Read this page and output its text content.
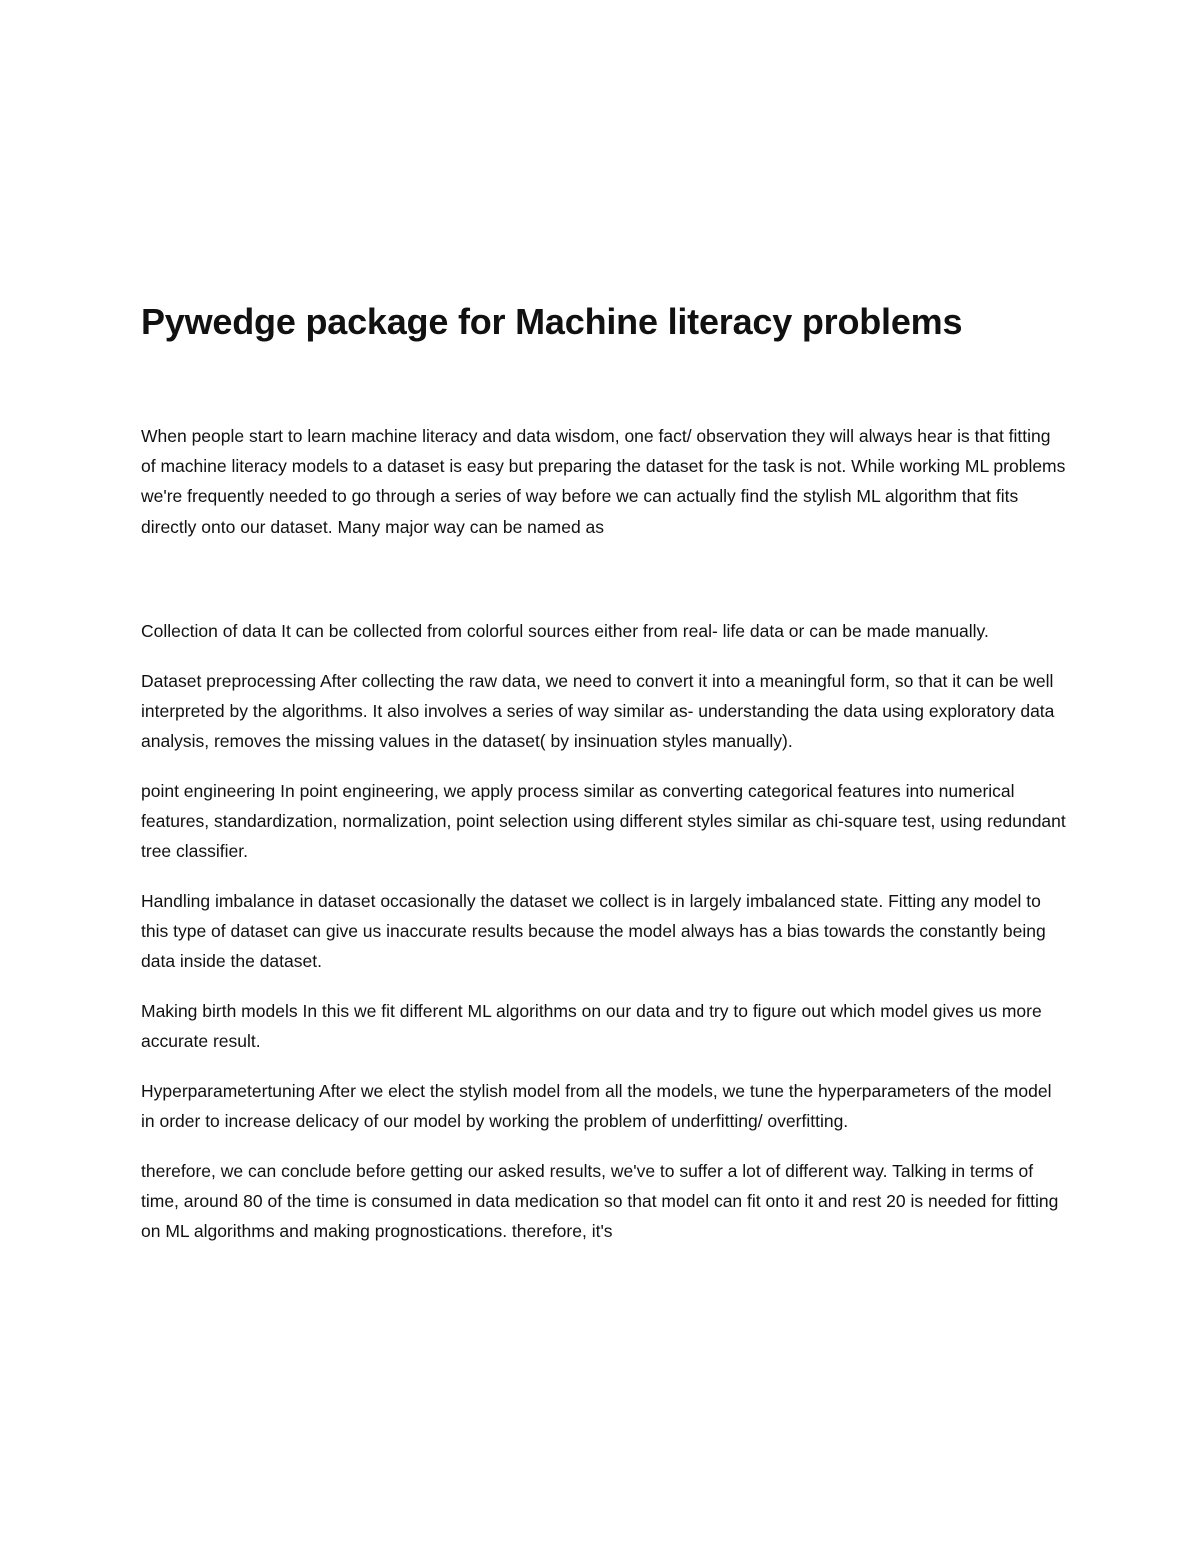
Pywedge package for Machine literacy problems

When people start to learn machine literacy and data wisdom, one fact/ observation they will always hear is that fitting of machine literacy models to a dataset is easy but preparing the dataset for the task is not. While working ML problems we're frequently needed to go through a series of way before we can actually find the stylish ML algorithm that fits directly onto our dataset. Many major way can be named as

Collection of data It can be collected from colorful sources either from real- life data or can be made manually.

Dataset preprocessing After collecting the raw data, we need to convert it into a meaningful form, so that it can be well interpreted by the algorithms. It also involves a series of way similar as- understanding the data using exploratory data analysis, removes the missing values in the dataset( by insinuation styles manually).

point engineering In point engineering, we apply process similar as converting categorical features into numerical features, standardization, normalization, point selection using different styles similar as chi-square test, using redundant tree classifier.

Handling imbalance in dataset occasionally the dataset we collect is in largely imbalanced state. Fitting any model to this type of dataset can give us inaccurate results because the model always has a bias towards the constantly being data inside the dataset.

Making birth models In this we fit different ML algorithms on our data and try to figure out which model gives us more accurate result.

Hyperparametertuning After we elect the stylish model from all the models, we tune the hyperparameters of the model in order to increase delicacy of our model by working the problem of underfitting/ overfitting.

therefore, we can conclude before getting our asked results, we've to suffer a lot of different way. Talking in terms of time, around 80 of the time is consumed in data medication so that model can fit onto it and rest 20 is needed for fitting on ML algorithms and making prognostications. therefore, it's
